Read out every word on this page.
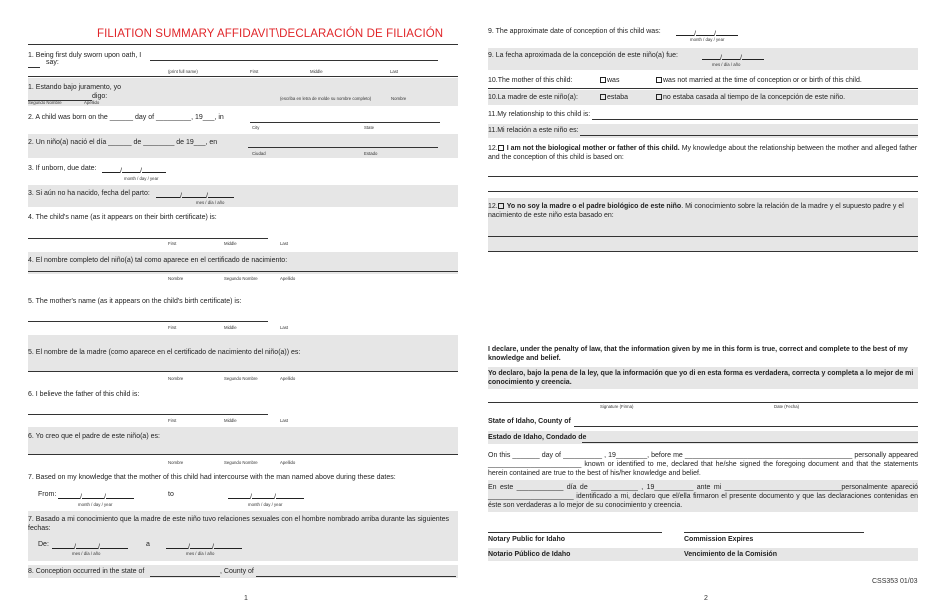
FILIATION SUMMARY AFFIDAVIT\DECLARACIÓN DE FILIACIÓN
1. Being first duly sworn upon oath, I
say:
(print full name)	First	Middle	Last
1. Estando bajo juramento, yo
digo:
Segundo Nombre	Apellido
(escriba en letra de molde su nombre completo)	Nombre
2. A child was born on the ______ day of _________, 19___, in
City	State
2. Un niño(a) nació el día ______ de ________ de 19___, en
Ciudad	Estado
3. If unborn, due date:	/	/
month / day / year
3. Si aún no ha nacido, fecha del parto:	/	/
mes / día / año
4. The child's name (as it appears on their birth certificate) is:
First	Middle	Last
4. El nombre completo del niño(a) tal como aparece en el certificado de nacimiento:
Nombre	Segundo Nombre	Apellido
5. The mother's name (as it appears on the child's birth certificate) is:
First	Middle	Last
5. El nombre de la madre (como aparece en el certificado de nacimiento del niño(a)) es:
Nombre	Segundo Nombre	Apellido
6. I believe the father of this child is:
First	Middle	Last
6. Yo creo que el padre de este niño(a) es:
Nombre	Segundo Nombre	Apellido
7. Based on my knowledge that the mother of this child had intercourse with the man named above during these dates:
From:	/	/
month / day / year
to	/	/
month / day / year
7. Basado a mi conocimiento que la madre de este niño tuvo relaciones sexuales con el hombre nombrado arriba durante las siguientes fechas:
De:	/	/
mes / día / año
a	/	/
mes / día / año
8. Conception occurred in the state of	, County of
1
9. The approximate date of conception of this child was:	/	/
month / day / year
9. La fecha aproximada de la concepción de este niño(a) fue:	/	/
mes / día / año
10.The mother of this child:	was	was not married at the time of conception or or birth of this child.
10.La madre de este niño(a):	estaba	no estaba casada al tiempo de la concepción de este niño.
11.My relationship to this child is:
11.Mi relación a este niño es:
12. I am not the biological mother or father of this child. My knowledge about the relationship between the mother and alleged father and the conception of this child is based on:
12. Yo no soy la madre o el padre biológico de este niño. Mi conocimiento sobre la relación de la madre y el supuesto padre y el nacimiento de este niño esta basado en:
I declare, under the penalty of law, that the information given by me in this form is true, correct and complete to the best of my knowledge and belief.
Yo declaro, bajo la pena de la ley, que la información que yo di en esta forma es verdadera, correcta y completa a lo mejor de mi conocimiento y creencia.
Signature (Firma)	Date (Fecha)
State of Idaho, County of
Estado de Idaho, Condado de
On this _______ day of __________ , 19________, before me ___________________________________________ personally appeared ________________________ known or identified to me, declared that he/she signed the foregoing document and that the statements herein contained are true to the best of his/her knowledge and belief.
En este ____________ día de ____________ , 19__________ ante mi ______________________________personalmente apareció ______________________ identificado a mi, declaro que el/ella firmaron el presente documento y que las declaraciones contenidas en éste son verdaderas a lo mejor de su conocimiento y creencia.
Notary Public for Idaho	Commission Expires
Notario Público de Idaho	Vencimiento de la Comisión
CSS353 01/03
2
